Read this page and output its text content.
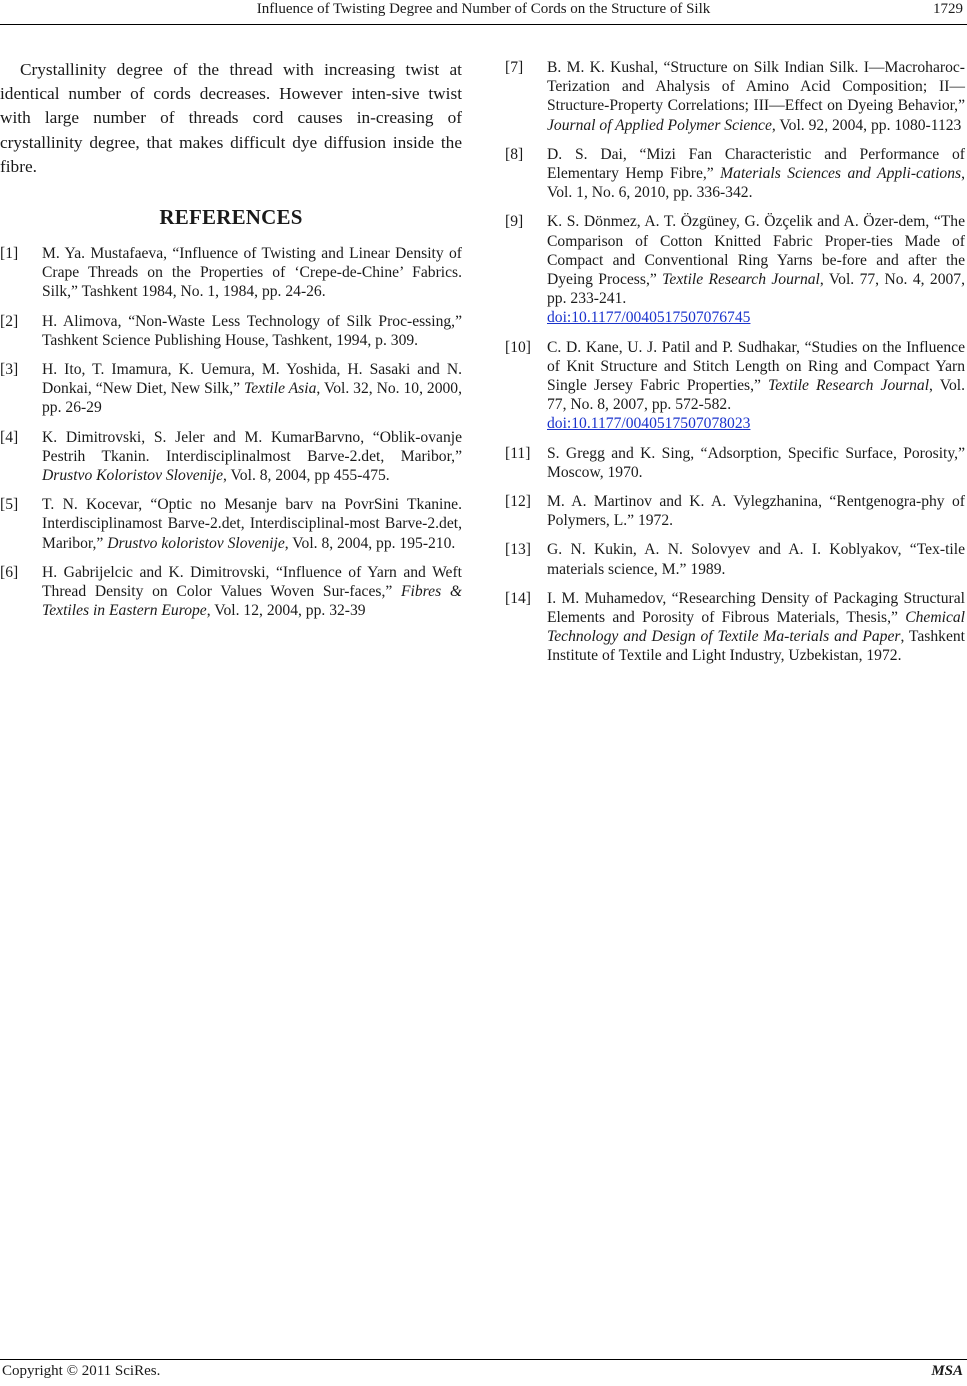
Influence of Twisting Degree and Number of Cords on the Structure of Silk	1729

Crystallinity degree of the thread with increasing twist at identical number of cords decreases. However inten-sive twist with large number of threads cord causes in-creasing of crystallinity degree, that makes difficult dye diffusion inside the fibre.

REFERENCES
[1] M. Ya. Mustafaeva, “Influence of Twisting and Linear Density of Crape Threads on the Properties of ‘Crepe-de-Chine’ Fabrics. Silk,” Tashkent 1984, No. 1, 1984, pp. 24-26.
[2] H. Alimova, “Non-Waste Less Technology of Silk Proc-essing,” Tashkent Science Publishing House, Tashkent, 1994, p. 309.
[3] H. Ito, T. Imamura, K. Uemura, M. Yoshida, H. Sasaki and N. Donkai, “New Diet, New Silk,” Textile Asia, Vol. 32, No. 10, 2000, pp. 26-29
[4] K. Dimitrovski, S. Jeler and M. KumarBarvno, “Oblik-ovanje Pestrih Tkanin. Interdisciplinalmost Barve-2.det, Maribor,” Drustvo Koloristov Slovenije, Vol. 8, 2004, pp 455-475.
[5] T. N. Kocevar, “Optic no Mesanje barv na PovrSini Tkanine. Interdisciplinamost Barve-2.det, Interdisciplinal-most Barve-2.det, Maribor,” Drustvo koloristov Slovenije, Vol. 8, 2004, pp. 195-210.
[6] H. Gabrijelcic and K. Dimitrovski, “Influence of Yarn and Weft Thread Density on Color Values Woven Sur-faces,” Fibres & Textiles in Eastern Europe, Vol. 12, 2004, pp. 32-39
[7] B. M. K. Kushal, “Structure on Silk Indian Silk. I—Macroharoc-Terization and Ahalysis of Amino Acid Composition; II—Structure-Property Correlations; III—Effect on Dyeing Behavior,” Journal of Applied Polymer Science, Vol. 92, 2004, pp. 1080-1123
[8] D. S. Dai, “Mizi Fan Characteristic and Performance of Elementary Hemp Fibre,” Materials Sciences and Appli-cations, Vol. 1, No. 6, 2010, pp. 336-342.
[9] K. S. Dönmez, A. T. Özgüney, G. Özçelik and A. Özer-dem, “The Comparison of Cotton Knitted Fabric Proper-ties Made of Compact and Conventional Ring Yarns be-fore and after the Dyeing Process,” Textile Research Journal, Vol. 77, No. 4, 2007, pp. 233-241.
doi:10.1177/0040517507076745
[10] C. D. Kane, U. J. Patil and P. Sudhakar, “Studies on the Influence of Knit Structure and Stitch Length on Ring and Compact Yarn Single Jersey Fabric Properties,” Textile Research Journal, Vol. 77, No. 8, 2007, pp. 572-582.
doi:10.1177/0040517507078023
[11] S. Gregg and K. Sing, “Adsorption, Specific Surface, Porosity,” Moscow, 1970.
[12] M. A. Martinov and K. A. Vylegzhanina, “Rentgenogra-phy of Polymers, L.” 1972.
[13] G. N. Kukin, A. N. Solovyev and A. I. Koblyakov, “Tex-tile materials science, M.” 1989.
[14] I. M. Muhamedov, “Researching Density of Packaging Structural Elements and Porosity of Fibrous Materials, Thesis,” Chemical Technology and Design of Textile Ma-terials and Paper, Tashkent Institute of Textile and Light Industry, Uzbekistan, 1972.
Copyright © 2011 SciRes.	MSA
